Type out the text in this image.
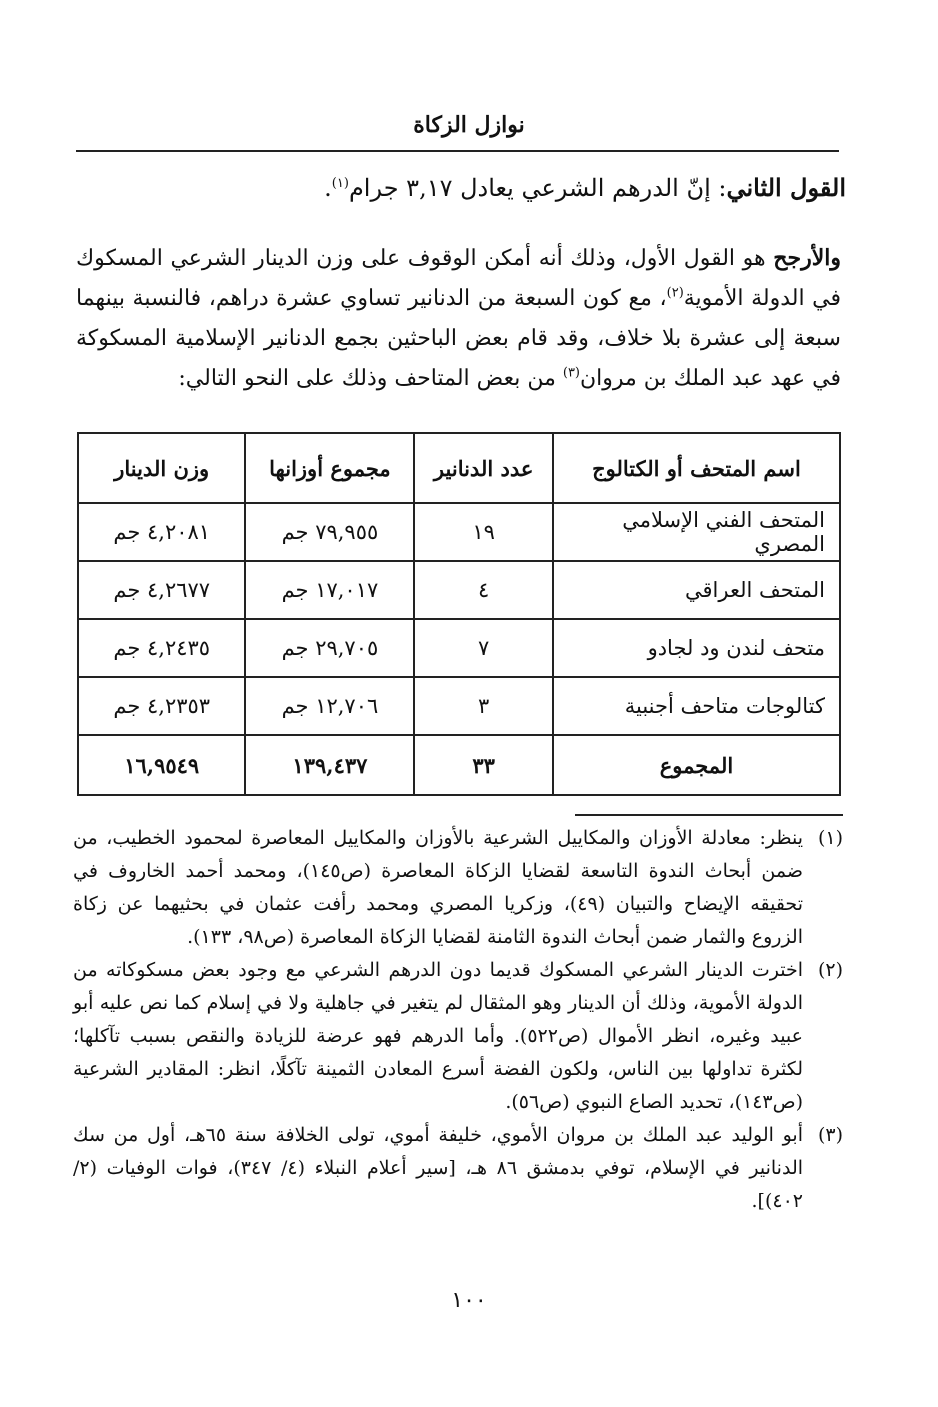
نوازل الزكاة

القول الثاني: إنّ الدرهم الشرعي يعادل ٣,١٧ جرام$^{(١)}$.

والأرجح هو القول الأول، وذلك أنه أمكن الوقوف على وزن الدينار الشرعي المسكوك في الدولة الأموية$^{(٢)}$، مع كون السبعة من الدنانير تساوي عشرة دراهم، فالنسبة بينهما سبعة إلى عشرة بلا خلاف، وقد قام بعض الباحثين بجمع الدنانير الإسلامية المسكوكة في عهد عبد الملك بن مروان$^{(٣)}$ من بعض المتاحف وذلك على النحو التالي:

اسم المتحف أو الكتالوج	عدد الدنانير	مجموع أوزانها	وزن الدينار
المتحف الفني الإسلامي المصري	١٩	٧٩,٩٥٥ جم	٤,٢٠٨١ جم
المتحف العراقي	٤	١٧,٠١٧ جم	٤,٢٦٧٧ جم
متحف لندن ود لجادو	٧	٢٩,٧٠٥ جم	٤,٢٤٣٥ جم
كتالوجات متاحف أجنبية	٣	١٢,٧٠٦ جم	٤,٢٣٥٣ جم
المجموع	٣٣	١٣٩,٤٣٧	١٦,٩٥٤٩
(١)
ينظر: معادلة الأوزان والمكاييل الشرعية بالأوزان والمكاييل المعاصرة لمحمود الخطيب، من ضمن أبحاث الندوة التاسعة لقضايا الزكاة المعاصرة (ص١٤٥)، ومحمد أحمد الخاروف في تحقيقه الإيضاح والتبيان (٤٩)، وزكريا المصري ومحمد رأفت عثمان في بحثيهما عن زكاة الزروع والثمار ضمن أبحاث الندوة الثامنة لقضايا الزكاة المعاصرة (ص٩٨، ١٣٣).
(٢)
اخترت الدينار الشرعي المسكوك قديما دون الدرهم الشرعي مع وجود بعض مسكوكاته من الدولة الأموية، وذلك أن الدينار وهو المثقال لم يتغير في جاهلية ولا في إسلام كما نص عليه أبو عبيد وغيره، انظر الأموال (ص٥٢٢). وأما الدرهم فهو عرضة للزيادة والنقص بسبب تآكلها؛ لكثرة تداولها بين الناس، ولكون الفضة أسرع المعادن الثمينة تآكلًا، انظر: المقادير الشرعية (ص١٤٣)، تحديد الصاع النبوي (ص٥٦).
(٣)
أبو الوليد عبد الملك بن مروان الأموي، خليفة أموي، تولى الخلافة سنة ٦٥هـ، أول من سك الدنانير في الإسلام، توفي بدمشق ٨٦ هـ، [سير أعلام النبلاء (٤/ ٣٤٧)، فوات الوفيات (٢/ ٤٠٢)].
١٠٠
